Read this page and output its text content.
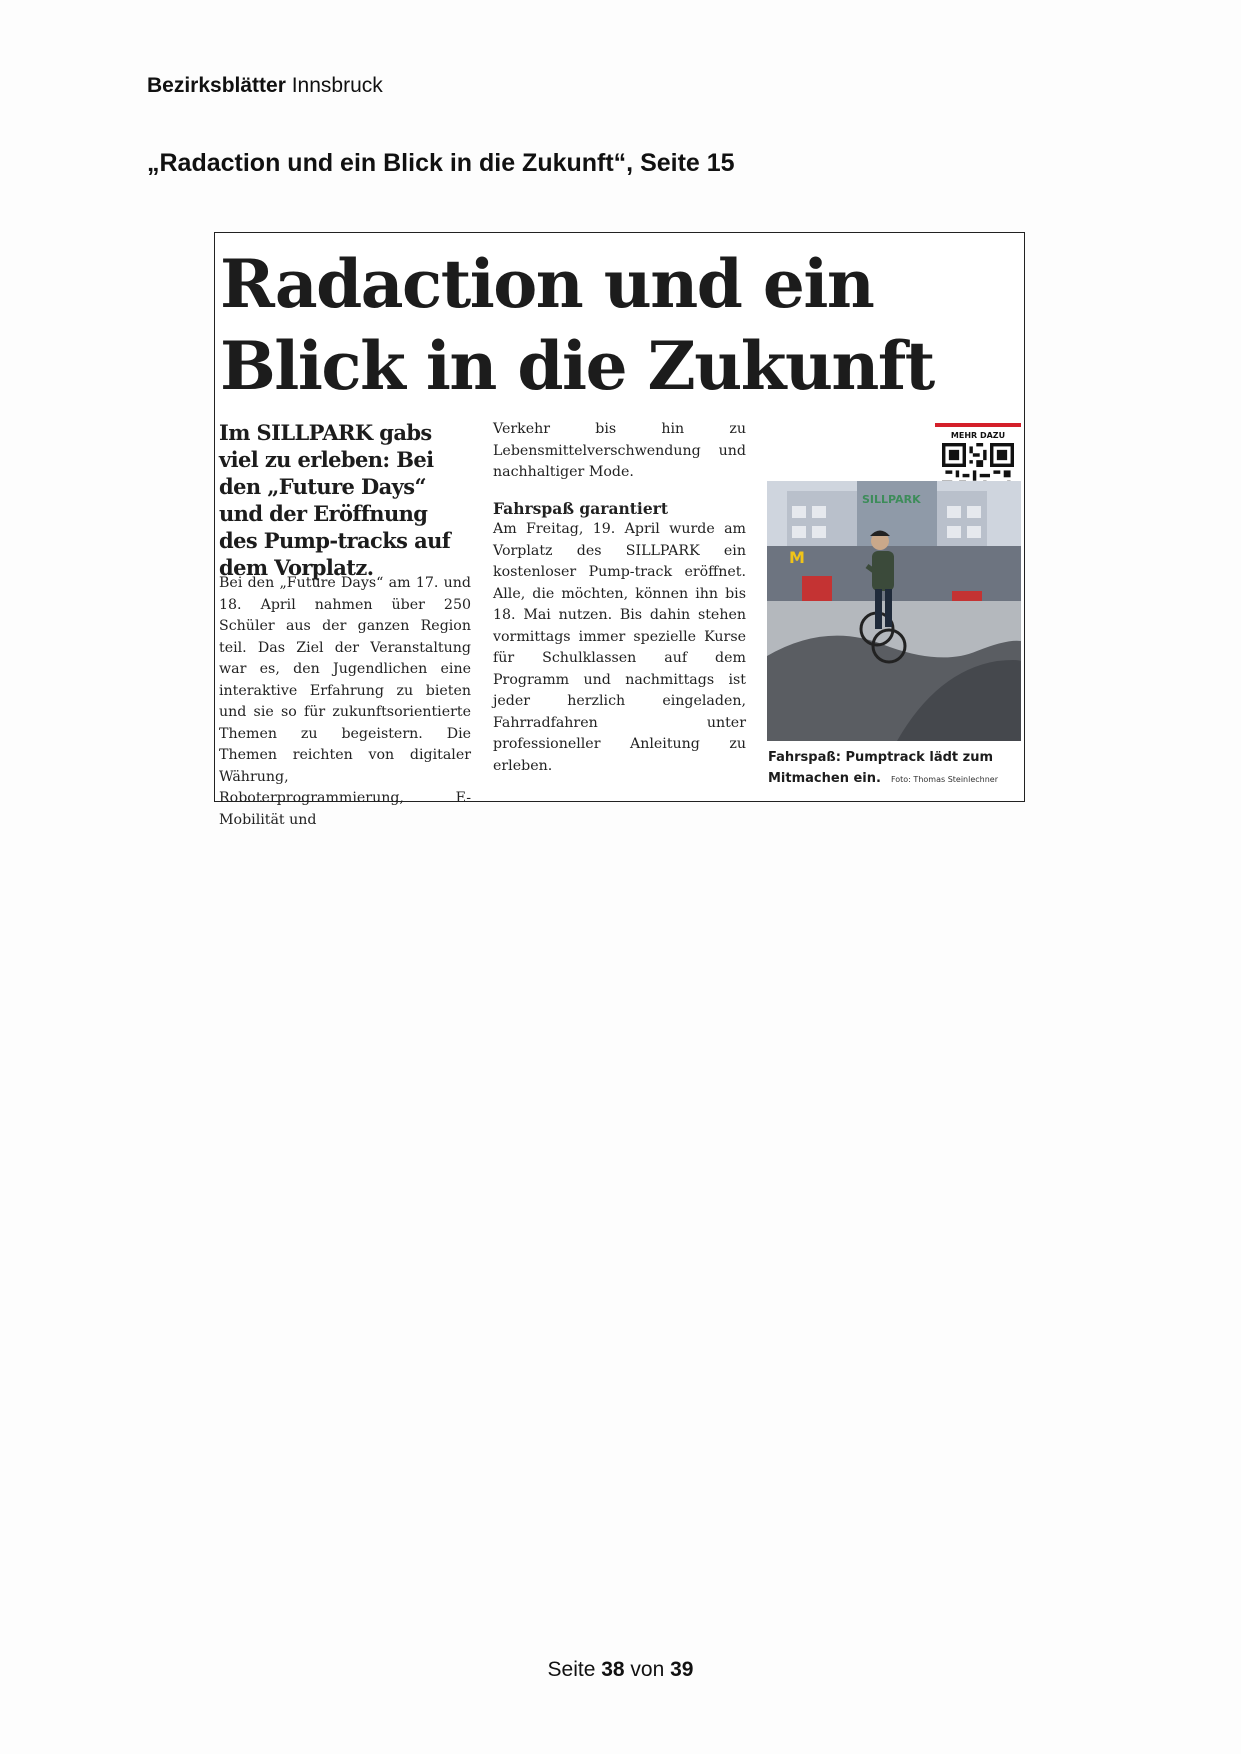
Bezirksblätter Innsbruck
„Radaction und ein Blick in die Zukunft“, Seite 15
Radaction und ein
Blick in die Zukunft

Im SILLPARK gabs viel zu erleben: Bei den „Future Days“ und der Eröffnung des Pump-tracks auf dem Vorplatz.

Bei den „Future Days“ am 17. und 18. April nahmen über 250 Schüler aus der ganzen Region teil. Das Ziel der Veranstaltung war es, den Jugendlichen eine interaktive Erfahrung zu bieten und sie so für zukunftsorientierte Themen zu begeistern. Die Themen reichten von digitaler Währung, Roboterprogrammierung, E-Mobilität und
Verkehr bis hin zu Lebensmittelverschwendung und nachhaltiger Mode.
Fahrspaß garantiert
Am Freitag, 19. April wurde am Vorplatz des SILLPARK ein kostenloser Pump-track eröffnet. Alle, die möchten, können ihn bis 18. Mai nutzen. Bis dahin stehen vormittags immer spezielle Kurse für Schulklassen auf dem Programm und nachmittags ist jeder herzlich eingeladen, Fahrradfahren unter professioneller Anleitung zu erleben.
MEHR DAZU
SILLPARK
M
Fahrspaß: Pumptrack lädt zum Mitmachen ein. Foto: Thomas Steinlechner
Seite 38 von 39
